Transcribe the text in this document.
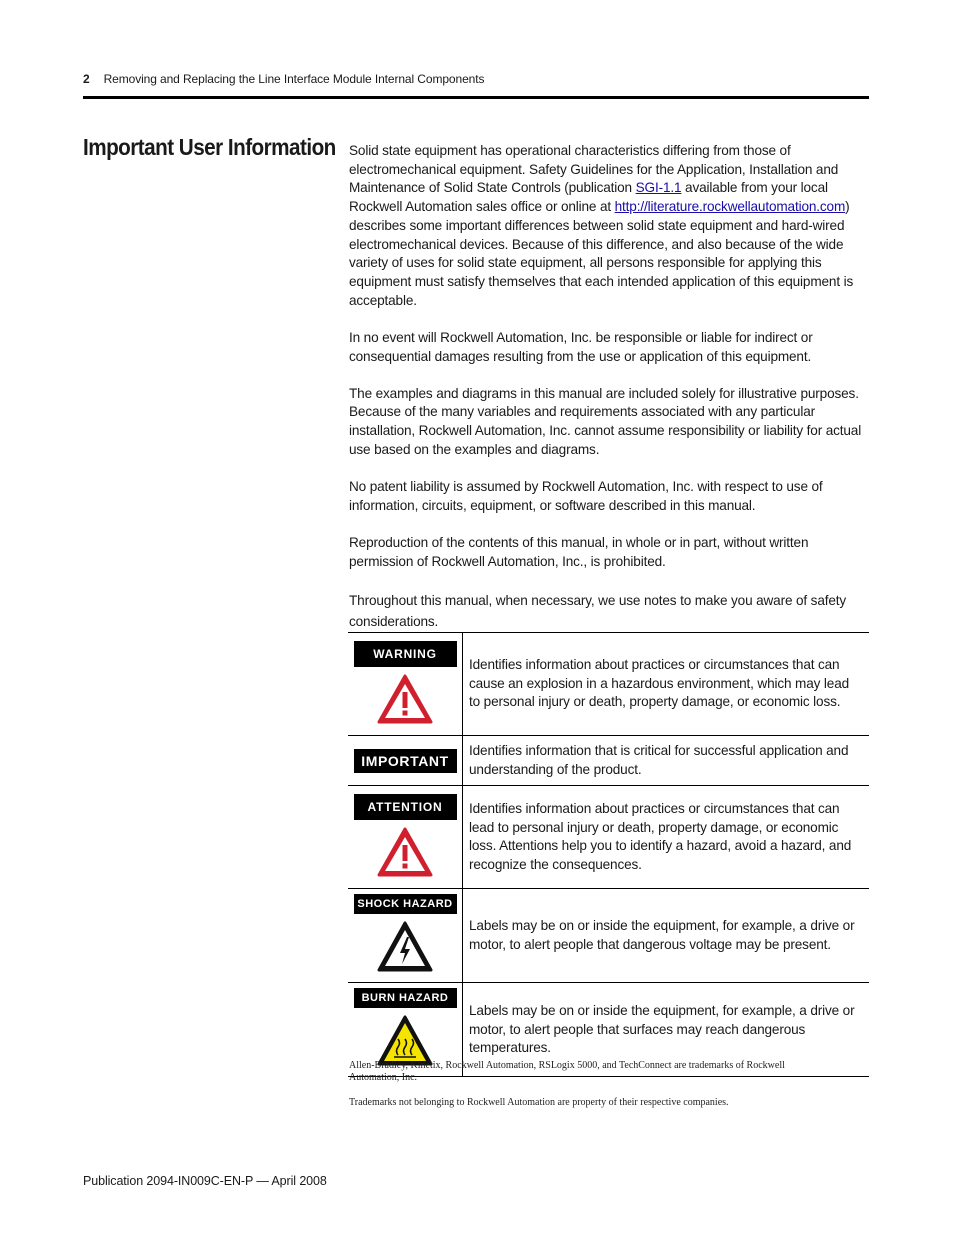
2 Removing and Replacing the Line Interface Module Internal Components
Important User Information Solid state equipment has operational characteristics differing from those of electromechanical equipment. Safety Guidelines for the Application, Installation and Maintenance of Solid State Controls (publication SGI-1.1 available from your local Rockwell Automation sales office or online at http://literature.rockwellautomation.com) describes some important differences between solid state equipment and hard-wired electromechanical devices. Because of this difference, and also because of the wide variety of uses for solid state equipment, all persons responsible for applying this equipment must satisfy themselves that each intended application of this equipment is acceptable.

In no event will Rockwell Automation, Inc. be responsible or liable for indirect or consequential damages resulting from the use or application of this equipment.

The examples and diagrams in this manual are included solely for illustrative purposes. Because of the many variables and requirements associated with any particular installation, Rockwell Automation, Inc. cannot assume responsibility or liability for actual use based on the examples and diagrams.

No patent liability is assumed by Rockwell Automation, Inc. with respect to use of information, circuits, equipment, or software described in this manual.

Reproduction of the contents of this manual, in whole or in part, without written permission of Rockwell Automation, Inc., is prohibited.

Throughout this manual, when necessary, we use notes to make you aware of safety considerations.

WARNING	Identifies information about practices or circumstances that can cause an explosion in a hazardous environment, which may lead to personal injury or death, property damage, or economic loss.
IMPORTANT	Identifies information that is critical for successful application and understanding of the product.
ATTENTION	Identifies information about practices or circumstances that can lead to personal injury or death, property damage, or economic loss. Attentions help you to identify a hazard, avoid a hazard, and recognize the consequences.
SHOCK HAZARD	Labels may be on or inside the equipment, for example, a drive or motor, to alert people that dangerous voltage may be present.
BURN HAZARD	Labels may be on or inside the equipment, for example, a drive or motor, to alert people that surfaces may reach dangerous temperatures.

Allen-Bradley, Kinetix, Rockwell Automation, RSLogix 5000, and TechConnect are trademarks of Rockwell Automation, Inc.

Trademarks not belonging to Rockwell Automation are property of their respective companies.

Publication 2094-IN009C-EN-P — April 2008
